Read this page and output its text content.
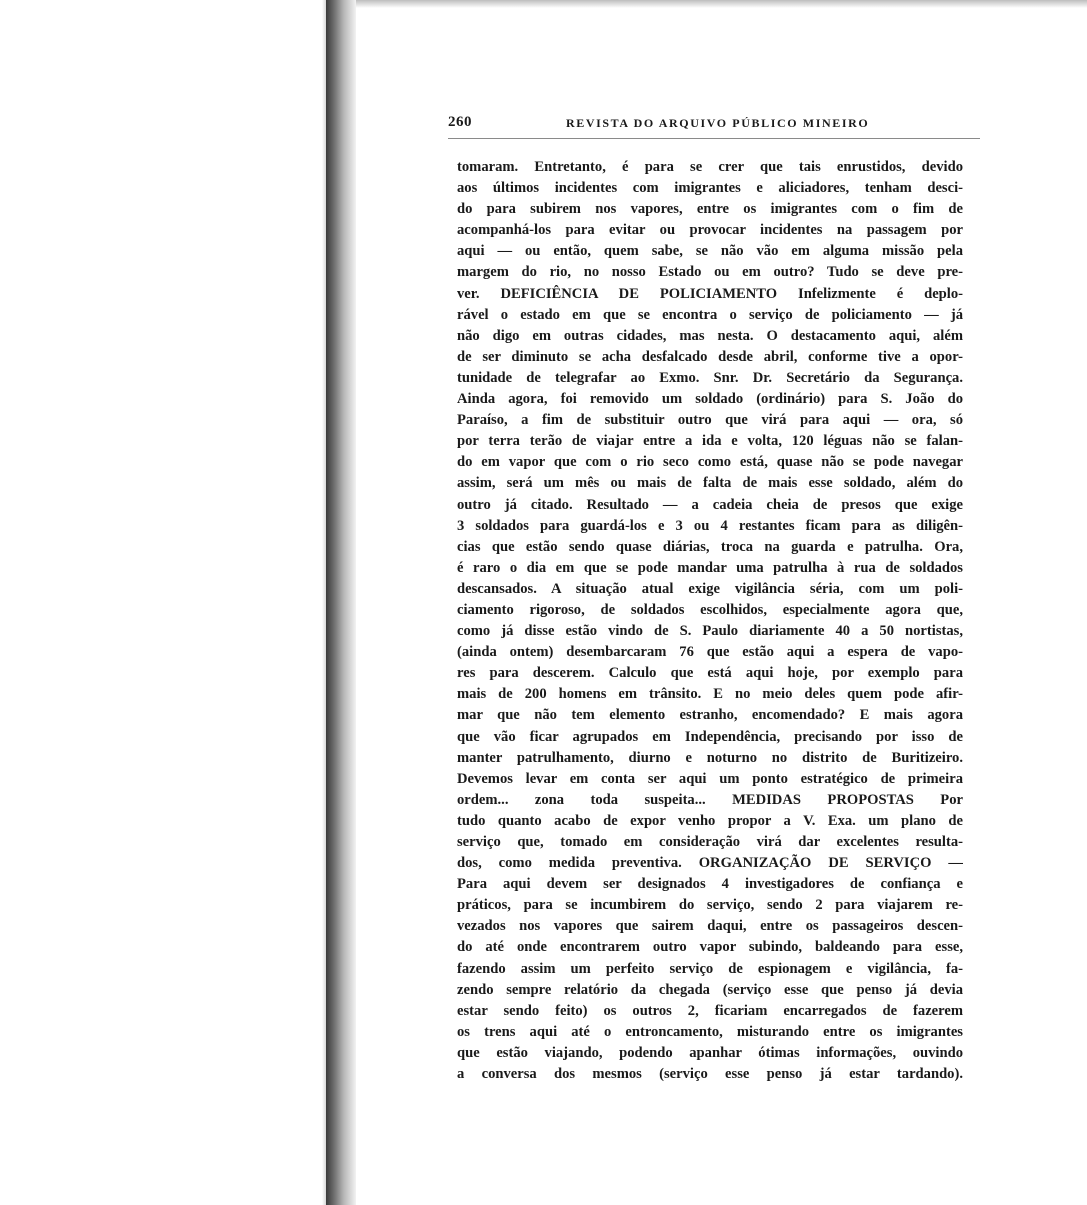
260	REVISTA DO ARQUIVO PÚBLICO MINEIRO
tomaram. Entretanto, é para se crer que tais enrustidos, devido
aos últimos incidentes com imigrantes e aliciadores, tenham desci-
do para subirem nos vapores, entre os imigrantes com o fim de
acompanhá-los para evitar ou provocar incidentes na passagem por
aqui — ou então, quem sabe, se não vão em alguma missão pela
margem do rio, no nosso Estado ou em outro? Tudo se deve pre-
ver. DEFICIÊNCIA DE POLICIAMENTO Infelizmente é deplo-
rável o estado em que se encontra o serviço de policiamento — já
não digo em outras cidades, mas nesta. O destacamento aqui, além
de ser diminuto se acha desfalcado desde abril, conforme tive a opor-
tunidade de telegrafar ao Exmo. Snr. Dr. Secretário da Segurança.
Ainda agora, foi removido um soldado (ordinário) para S. João do
Paraíso, a fim de substituir outro que virá para aqui — ora, só
por terra terão de viajar entre a ida e volta, 120 léguas não se falan-
do em vapor que com o rio seco como está, quase não se pode navegar
assim, será um mês ou mais de falta de mais esse soldado, além do
outro já citado. Resultado — a cadeia cheia de presos que exige
3 soldados para guardá-los e 3 ou 4 restantes ficam para as diligên-
cias que estão sendo quase diárias, troca na guarda e patrulha. Ora,
é raro o dia em que se pode mandar uma patrulha à rua de soldados
descansados. A situação atual exige vigilância séria, com um poli-
ciamento rigoroso, de soldados escolhidos, especialmente agora que,
como já disse estão vindo de S. Paulo diariamente 40 a 50 nortistas,
(ainda ontem) desembarcaram 76 que estão aqui a espera de vapo-
res para descerem. Calculo que está aqui hoje, por exemplo para
mais de 200 homens em trânsito. E no meio deles quem pode afir-
mar que não tem elemento estranho, encomendado? E mais agora
que vão ficar agrupados em Independência, precisando por isso de
manter patrulhamento, diurno e noturno no distrito de Buritizeiro.
Devemos levar em conta ser aqui um ponto estratégico de primeira
ordem... zona toda suspeita... MEDIDAS PROPOSTAS Por
tudo quanto acabo de expor venho propor a V. Exa. um plano de
serviço que, tomado em consideração virá dar excelentes resulta-
dos, como medida preventiva. ORGANIZAÇÃO DE SERVIÇO —
Para aqui devem ser designados 4 investigadores de confiança e
práticos, para se incumbirem do serviço, sendo 2 para viajarem re-
vezados nos vapores que sairem daqui, entre os passageiros descen-
do até onde encontrarem outro vapor subindo, baldeando para esse,
fazendo assim um perfeito serviço de espionagem e vigilância, fa-
zendo sempre relatório da chegada (serviço esse que penso já devia
estar sendo feito) os outros 2, ficariam encarregados de fazerem
os trens aqui até o entroncamento, misturando entre os imigrantes
que estão viajando, podendo apanhar ótimas informações, ouvindo
a conversa dos mesmos (serviço esse penso já estar tardando).
